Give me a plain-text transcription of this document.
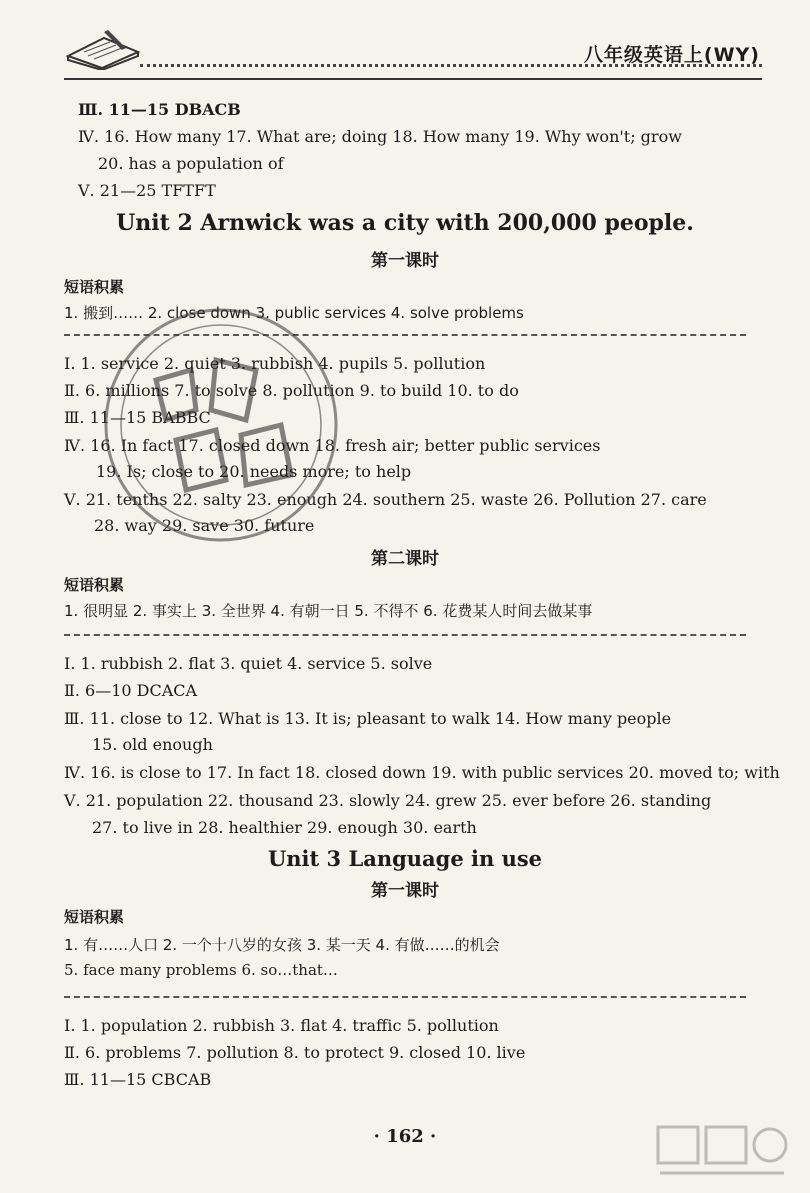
八年级英语上(WY)
Ⅲ. 11—15 DBACB
Ⅳ. 16. How many 17. What are; doing 18. How many 19. Why won't; grow
20. has a population of
Ⅴ. 21—25 TFTFT
Unit 2 Arnwick was a city with 200,000 people.
第一课时
短语积累
1. 搬到…… 2. close down 3. public services 4. solve problems
Ⅰ. 1. service 2. quiet 3. rubbish 4. pupils 5. pollution
Ⅱ. 6. millions 7. to solve 8. pollution 9. to build 10. to do
Ⅲ. 11—15 BABBC
Ⅳ. 16. In fact 17. closed down 18. fresh air; better public services
19. Is; close to 20. needs more; to help
Ⅴ. 21. tenths 22. salty 23. enough 24. southern 25. waste 26. Pollution 27. care
28. way 29. save 30. future
第二课时
短语积累
1. 很明显 2. 事实上 3. 全世界 4. 有朝一日 5. 不得不 6. 花费某人时间去做某事
Ⅰ. 1. rubbish 2. flat 3. quiet 4. service 5. solve
Ⅱ. 6—10 DCACA
Ⅲ. 11. close to 12. What is 13. It is; pleasant to walk 14. How many people
15. old enough
Ⅳ. 16. is close to 17. In fact 18. closed down 19. with public services 20. moved to; with
Ⅴ. 21. population 22. thousand 23. slowly 24. grew 25. ever before 26. standing
27. to live in 28. healthier 29. enough 30. earth
Unit 3 Language in use
第一课时
短语积累
1. 有……人口 2. 一个十八岁的女孩 3. 某一天 4. 有做……的机会
5. face many problems 6. so…that…
Ⅰ. 1. population 2. rubbish 3. flat 4. traffic 5. pollution
Ⅱ. 6. problems 7. pollution 8. to protect 9. closed 10. live
Ⅲ. 11—15 CBCAB
· 162 ·
